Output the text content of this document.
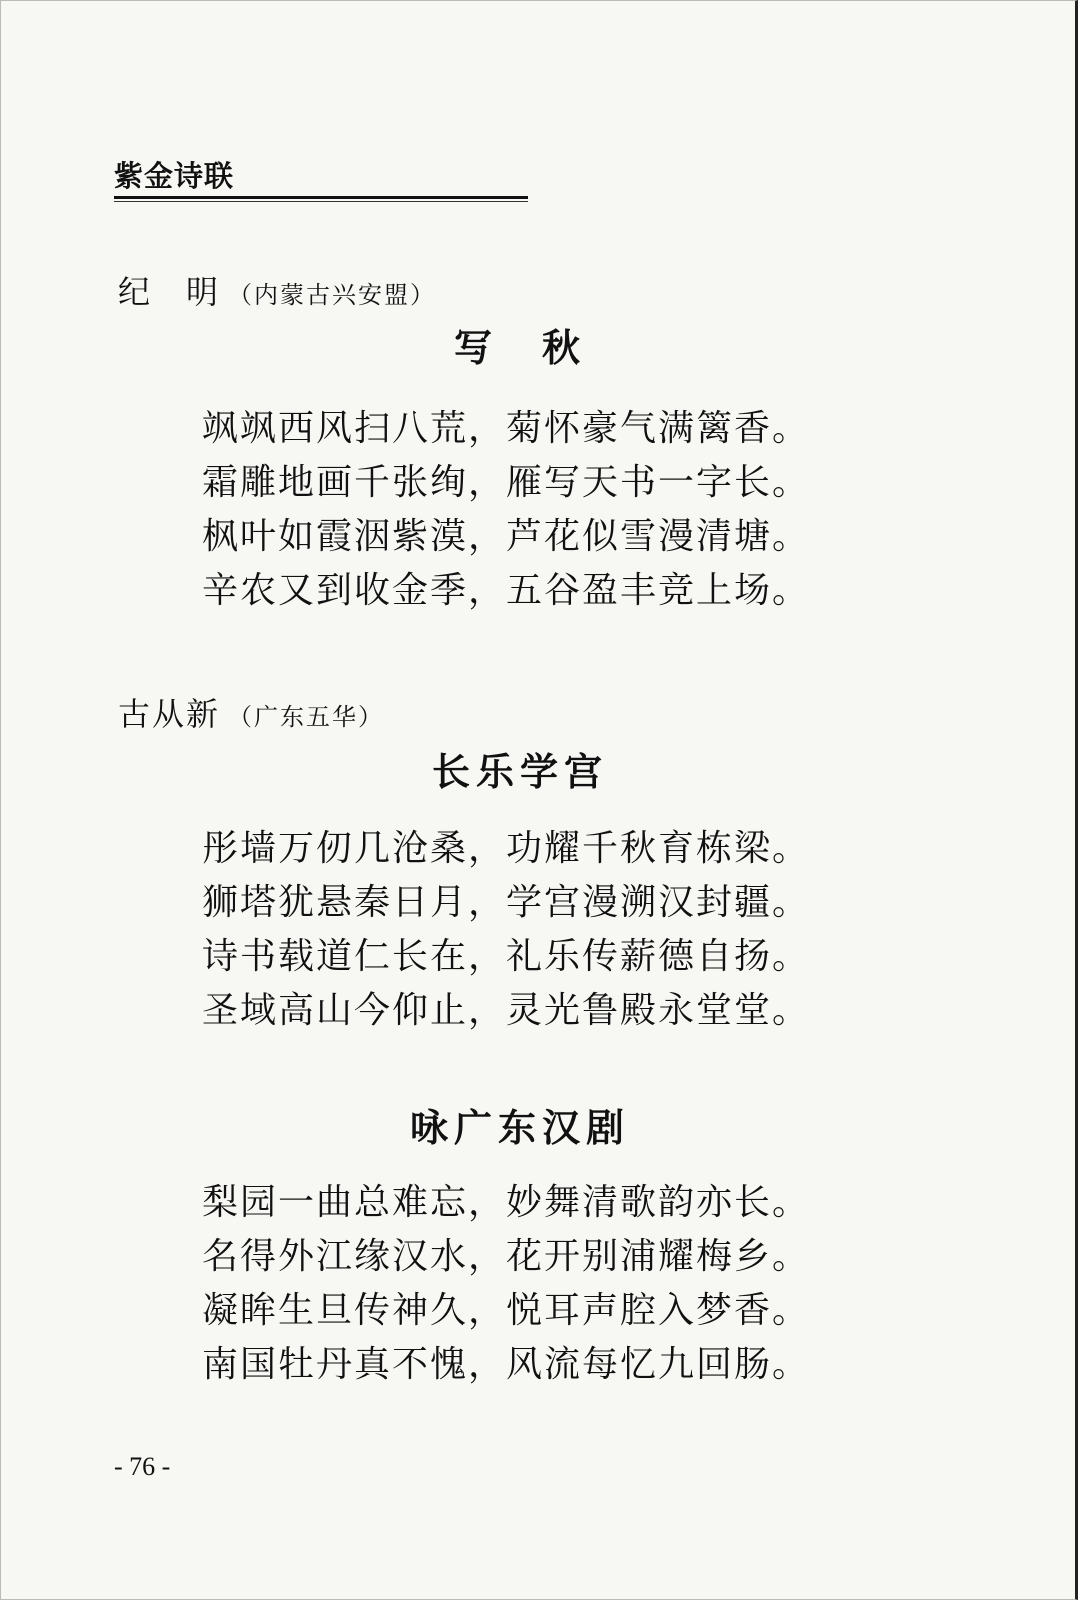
紫金诗联
纪　明 （内蒙古兴安盟）
写　秋
飒飒西风扫八荒，菊怀豪气满篱香。
霜雕地画千张绚，雁写天书一字长。
枫叶如霞洇紫漠，芦花似雪漫清塘。
辛农又到收金季，五谷盈丰竞上场。
古从新 （广东五华）
长乐学宫
彤墙万仞几沧桑，功耀千秋育栋梁。
狮塔犹悬秦日月，学宫漫溯汉封疆。
诗书载道仁长在，礼乐传薪德自扬。
圣域高山今仰止，灵光鲁殿永堂堂。
咏广东汉剧
梨园一曲总难忘，妙舞清歌韵亦长。
名得外江缘汉水，花开别浦耀梅乡。
凝眸生旦传神久，悦耳声腔入梦香。
南国牡丹真不愧，风流每忆九回肠。
- 76 -
